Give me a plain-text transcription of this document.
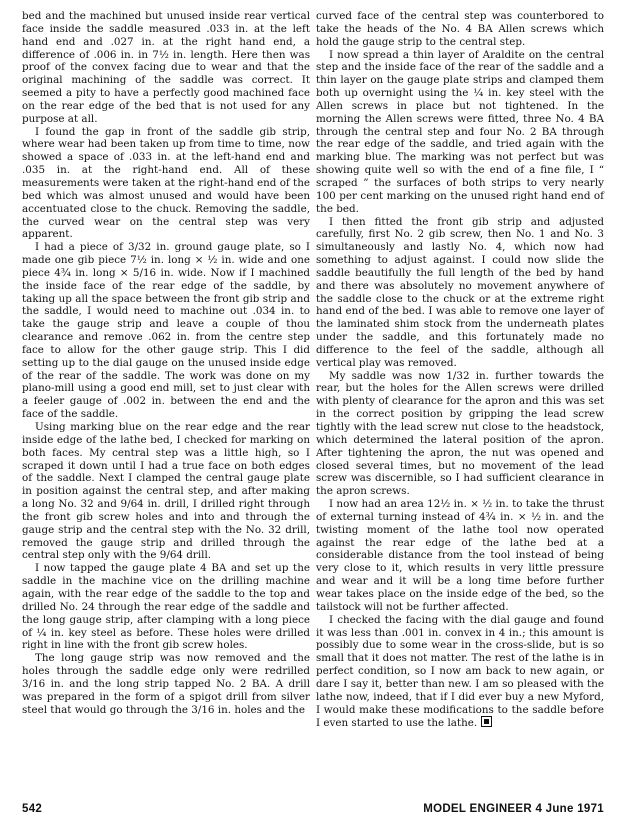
bed and the machined but unused inside rear vertical face inside the saddle measured .033 in. at the left hand end and .027 in. at the right hand end, a difference of .006 in. in 7½ in. length. Here then was proof of the convex facing due to wear and that the original machining of the saddle was correct. It seemed a pity to have a perfectly good machined face on the rear edge of the bed that is not used for any purpose at all.

I found the gap in front of the saddle gib strip, where wear had been taken up from time to time, now showed a space of .033 in. at the left-hand end and .035 in. at the right-hand end. All of these measurements were taken at the right-hand end of the bed which was almost unused and would have been accentuated close to the chuck. Removing the saddle, the curved wear on the central step was very apparent.

I had a piece of 3/32 in. ground gauge plate, so I made one gib piece 7½ in. long × ½ in. wide and one piece 4¾ in. long × 5/16 in. wide. Now if I machined the inside face of the rear edge of the saddle, by taking up all the space between the front gib strip and the saddle, I would need to machine out .034 in. to take the gauge strip and leave a couple of thou clearance and remove .062 in. from the centre step face to allow for the other gauge strip. This I did setting up to the dial gauge on the unused inside edge of the rear of the saddle. The work was done on my plano-mill using a good end mill, set to just clear with a feeler gauge of .002 in. between the end and the face of the saddle.

Using marking blue on the rear edge and the rear inside edge of the lathe bed, I checked for marking on both faces. My central step was a little high, so I scraped it down until I had a true face on both edges of the saddle. Next I clamped the central gauge plate in position against the central step, and after making a long No. 32 and 9/64 in. drill, I drilled right through the front gib screw holes and into and through the gauge strip and the central step with the No. 32 drill, removed the gauge strip and drilled through the central step only with the 9/64 drill.

I now tapped the gauge plate 4 BA and set up the saddle in the machine vice on the drilling machine again, with the rear edge of the saddle to the top and drilled No. 24 through the rear edge of the saddle and the long gauge strip, after clamping with a long piece of ¼ in. key steel as before. These holes were drilled right in line with the front gib screw holes.

The long gauge strip was now removed and the holes through the saddle edge only were redrilled 3/16 in. and the long strip tapped No. 2 BA. A drill was prepared in the form of a spigot drill from silver steel that would go through the 3/16 in. holes and the

curved face of the central step was counterbored to take the heads of the No. 4 BA Allen screws which hold the gauge strip to the central step.

I now spread a thin layer of Araldite on the central step and the inside face of the rear of the saddle and a thin layer on the gauge plate strips and clamped them both up overnight using the ¼ in. key steel with the Allen screws in place but not tightened. In the morning the Allen screws were fitted, three No. 4 BA through the central step and four No. 2 BA through the rear edge of the saddle, and tried again with the marking blue. The marking was not perfect but was showing quite well so with the end of a fine file, I “ scraped ” the surfaces of both strips to very nearly 100 per cent marking on the unused right hand end of the bed.

I then fitted the front gib strip and adjusted carefully, first No. 2 gib screw, then No. 1 and No. 3 simultaneously and lastly No. 4, which now had something to adjust against. I could now slide the saddle beautifully the full length of the bed by hand and there was absolutely no movement anywhere of the saddle close to the chuck or at the extreme right hand end of the bed. I was able to remove one layer of the laminated shim stock from the underneath plates under the saddle, and this fortunately made no difference to the feel of the saddle, although all vertical play was removed.

My saddle was now 1/32 in. further towards the rear, but the holes for the Allen screws were drilled with plenty of clearance for the apron and this was set in the correct position by gripping the lead screw tightly with the lead screw nut close to the headstock, which determined the lateral position of the apron. After tightening the apron, the nut was opened and closed several times, but no movement of the lead screw was discernible, so I had sufficient clearance in the apron screws.

I now had an area 12½ in. × ½ in. to take the thrust of external turning instead of 4¾ in. × ½ in. and the twisting moment of the lathe tool now operated against the rear edge of the lathe bed at a considerable distance from the tool instead of being very close to it, which results in very little pressure and wear and it will be a long time before further wear takes place on the inside edge of the bed, so the tailstock will not be further affected.

I checked the facing with the dial gauge and found it was less than .001 in. convex in 4 in.; this amount is possibly due to some wear in the cross-slide, but is so small that it does not matter. The rest of the lathe is in perfect condition, so I now am back to new again, or dare I say it, better than new. I am so pleased with the lathe now, indeed, that if I did ever buy a new Myford, I would make these modifications to the saddle before I even started to use the lathe.

542	MODEL ENGINEER 4 June 1971
